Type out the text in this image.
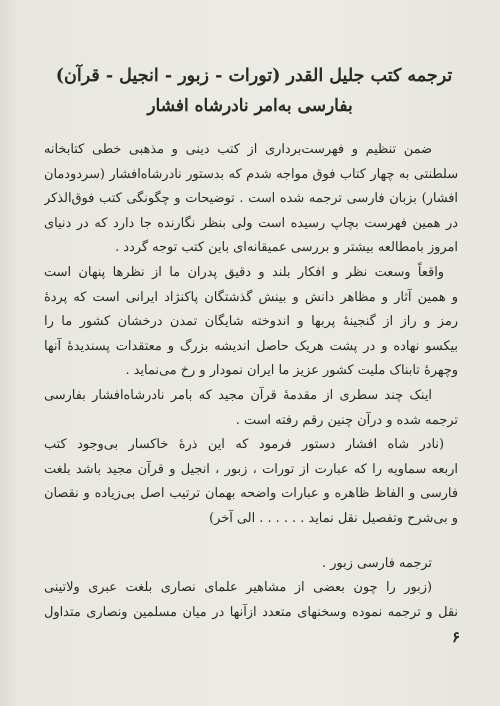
ترجمه کتب جلیل القدر (تورات - زبور - انجیل - قرآن)
بفارسی به‌امر نادرشاه افشار
ضمن تنظیم و فهرست‌برداری از کتب دینی و مذهبی خطی کتابخانه
سلطنتی به چهار کتاب فوق مواجه شدم که بدستور نادرشاه‌افشار (سردودمان
افشار) بزبان فارسی ترجمه شده است . توضیحات و چگونگی کتب فوق‌الذکر
در همین فهرست بچاپ رسیده است ولی بنظر نگارنده جا دارد که در دنیای
امروز بامطالعه بیشتر و بررسی عمیقانه‌ای باین کتب توجه گردد .
واقعاً وسعت نظر و افکار بلند و دقیق پدران ما از نظرها پنهان است
و همین آثار و مظاهر دانش و بینش گذشتگان پاکنژاد ایرانی است که پردهٔ
رمز و راز از گنجینهٔ پربها و اندوخته شایگان تمدن درخشان کشور ما را
بیکسو نهاده و در پشت هریک حاصل اندیشه بزرگ و معتقدات پسندیدهٔ آنها
وچهرهٔ تابناک ملیت کشور عزیز ما ایران نمودار و رخ می‌نماید .
اینک چند سطری از مقدمهٔ قرآن مجید که بامر نادرشاه‌افشار بفارسی
ترجمه شده و درآن چنین رقم رفته است .
(نادر شاه افشار دستور فرمود که این ذرهٔ خاکسار بی‌وجود کتب
اربعه سماویه را که عبارت از تورات ، زبور ، انجیل و قرآن مجید باشد بلغت
فارسی و الفاظ ظاهره و عبارات واضحه بهمان ترتیب اصل بی‌زیاده و نقصان
و بی‌شرح وتفصیل نقل نماید . . . . . . الی آخر)
ترجمه فارسی زبور .
(زبور را چون بعضی از مشاهیر علمای نصاری بلغت عبری ولاتینی
نقل و ترجمه نموده وسخنهای متعدد ازآنها در میان مسلمین ونصاری متداول
۶
